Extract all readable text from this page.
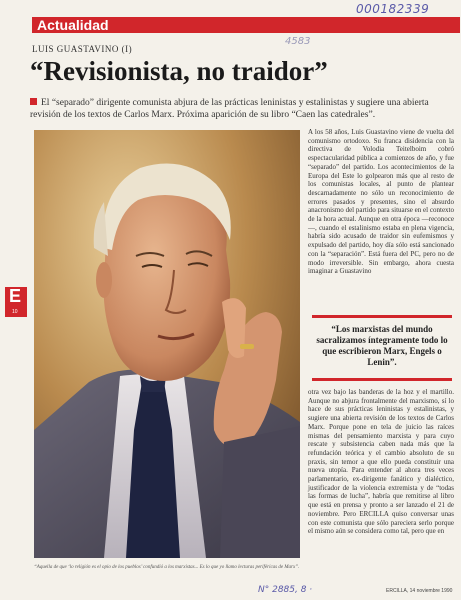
000182339
4583
Actualidad
LUIS GUASTAVINO (I)
“Revisionista, no traidor”
El “separado” dirigente comunista abjura de las prácticas leninistas y estalinistas y sugiere una abierta revisión de los textos de Carlos Marx. Próxima aparición de su libro “Caen las catedrales”.
E
10
“Aquella de que ‘lo religión es el opio de los pueblos’ confundió a los marxistas... Es lo que yo llamo lecturas periféricas de Marx”.
A los 58 años, Luis Guastavino viene de vuelta del comunismo ortodoxo. Su franca disidencia con la directiva de Volodia Teitelboim cobró espectacularidad pública a comienzos de año, y fue “separado” del partido. Los acontecimientos de la Europa del Este lo golpearon más que al resto de los comunistas locales, al punto de plantear descarnadamente no sólo un reconocimiento de errores pasados y presentes, sino el absurdo anacronismo del partido para situarse en el contexto de la hora actual. Aunque en otra época —reconoce—, cuando el estalinismo estaba en plena vigencia, habría sido acusado de traidor sin eufemismos y expulsado del partido, hoy día sólo está sancionado con la “separación”. Está fuera del PC, pero no de modo irreversible. Sin embargo, ahora cuesta imaginar a Guastavino
“Los marxistas del mundo sacralizamos íntegramente todo lo que escribieron Marx, Engels o Lenin”.
otra vez bajo las banderas de la hoz y el martillo. Aunque no abjura frontalmente del marxismo, sí lo hace de sus prácticas leninistas y estalinistas, y sugiere una abierta revisión de los textos de Carlos Marx. Porque pone en tela de juicio las raíces mismas del pensamiento marxista y para cuyo rescate y subsistencia caben nada más que la refundación teórica y el cambio absoluto de su praxis, sin temor a que ello pueda constituir una nueva utopía. Para entender al ahora tres veces parlamentario, ex-dirigente fanático y dialéctico, justificador de la violencia extremista y de “todas las formas de lucha”, habría que remitirse al libro que está en prensa y pronto a ser lanzado el 21 de noviembre. Pero ERCILLA quiso conversar unas con este comunista que sólo pareciera serlo porque el mismo aún se considera como tal, pero que en
N° 2885, 8 ·	ERCILLA, 14 noviembre 1990
